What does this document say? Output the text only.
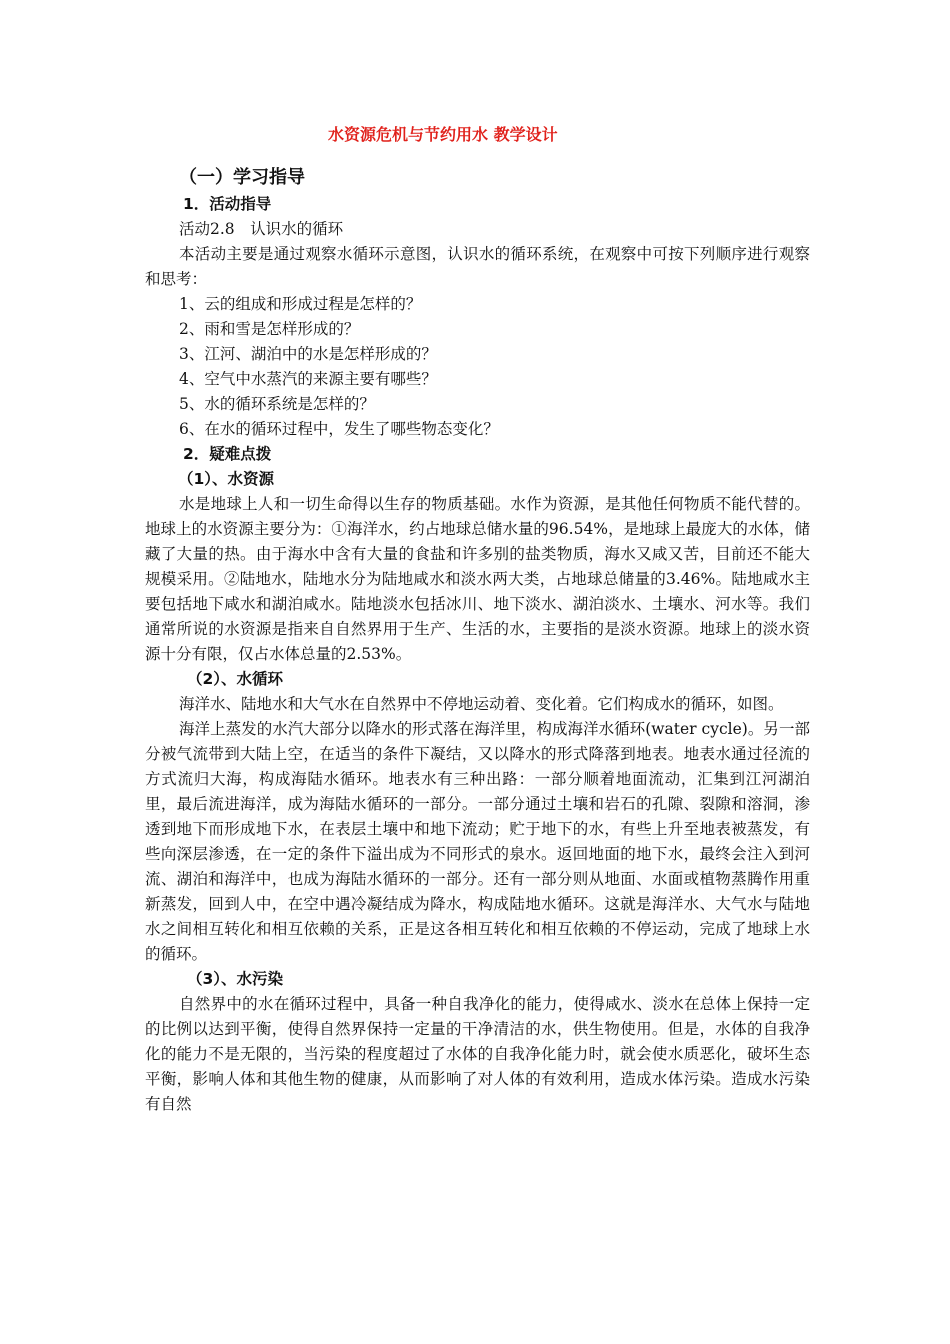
水资源危机与节约用水 教学设计
（一）学习指导
1．活动指导
活动2.8　认识水的循环

本活动主要是通过观察水循环示意图，认识水的循环系统，在观察中可按下列顺序进行观察和思考：

1、云的组成和形成过程是怎样的？
2、雨和雪是怎样形成的？
3、江河、湖泊中的水是怎样形成的？
4、空气中水蒸汽的来源主要有哪些？
5、水的循环系统是怎样的？
6、在水的循环过程中，发生了哪些物态变化？
2．疑难点拨
（1）、水资源

水是地球上人和一切生命得以生存的物质基础。水作为资源，是其他任何物质不能代替的。地球上的水资源主要分为：①海洋水，约占地球总储水量的96.54%，是地球上最庞大的水体，储藏了大量的热。由于海水中含有大量的食盐和许多别的盐类物质，海水又咸又苦，目前还不能大规模采用。②陆地水，陆地水分为陆地咸水和淡水两大类，占地球总储量的3.46%。陆地咸水主要包括地下咸水和湖泊咸水。陆地淡水包括冰川、地下淡水、湖泊淡水、土壤水、河水等。我们通常所说的水资源是指来自自然界用于生产、生活的水，主要指的是淡水资源。地球上的淡水资源十分有限，仅占水体总量的2.53%。

（2）、水循环

海洋水、陆地水和大气水在自然界中不停地运动着、变化着。它们构成水的循环，如图。

海洋上蒸发的水汽大部分以降水的形式落在海洋里，构成海洋水循环(water cycle)。另一部分被气流带到大陆上空，在适当的条件下凝结，又以降水的形式降落到地表。地表水通过径流的方式流归大海，构成海陆水循环。地表水有三种出路：一部分顺着地面流动，汇集到江河湖泊里，最后流进海洋，成为海陆水循环的一部分。一部分通过土壤和岩石的孔隙、裂隙和溶洞，渗透到地下而形成地下水，在表层土壤中和地下流动；贮于地下的水，有些上升至地表被蒸发，有些向深层渗透，在一定的条件下溢出成为不同形式的泉水。返回地面的地下水，最终会注入到河流、湖泊和海洋中，也成为海陆水循环的一部分。还有一部分则从地面、水面或植物蒸腾作用重新蒸发，回到人中，在空中遇冷凝结成为降水，构成陆地水循环。这就是海洋水、大气水与陆地水之间相互转化和相互依赖的关系，正是这各相互转化和相互依赖的不停运动，完成了地球上水的循环。

（3）、水污染

自然界中的水在循环过程中，具备一种自我净化的能力，使得咸水、淡水在总体上保持一定的比例以达到平衡，使得自然界保持一定量的干净清洁的水，供生物使用。但是，水体的自我净化的能力不是无限的，当污染的程度超过了水体的自我净化能力时，就会使水质恶化，破坏生态平衡，影响人体和其他生物的健康，从而影响了对人体的有效利用，造成水体污染。造成水污染有自然
